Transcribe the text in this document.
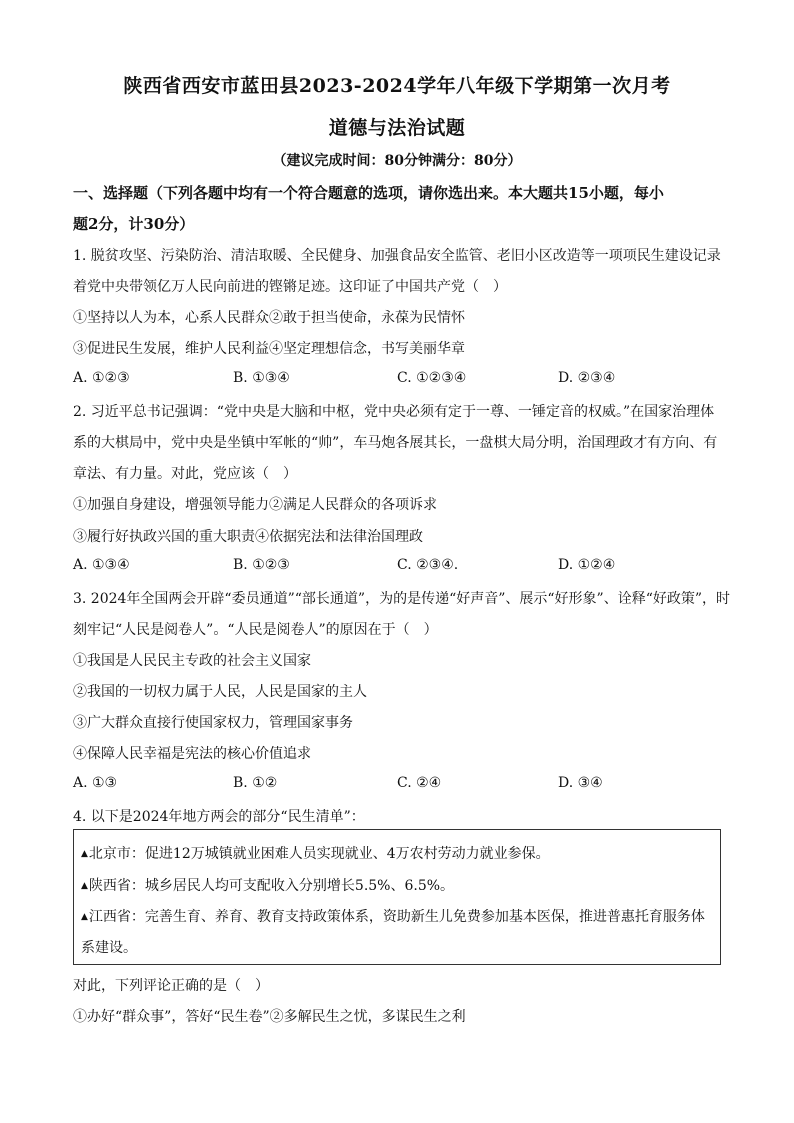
陕西省西安市蓝田县2023-2024学年八年级下学期第一次月考
道德与法治试题
（建议完成时间：80分钟满分：80分）
一、选择题（下列各题中均有一个符合题意的选项，请你选出来。本大题共15小题，每小
题2分，计30分）
1. 脱贫攻坚、污染防治、清洁取暖、全民健身、加强食品安全监管、老旧小区改造等一项项民生建设记录
着党中央带领亿万人民向前进的铿锵足迹。这印证了中国共产党（　）
①坚持以人为本，心系人民群众②敢于担当使命，永葆为民情怀
③促进民生发展，维护人民利益④坚定理想信念，书写美丽华章
A. ①②③	B. ①③④	C. ①②③④	D. ②③④
2. 习近平总书记强调：“党中央是大脑和中枢，党中央必须有定于一尊、一锤定音的权威。”在国家治理体
系的大棋局中，党中央是坐镇中军帐的“帅”，车马炮各展其长，一盘棋大局分明，治国理政才有方向、有
章法、有力量。对此，党应该（　）
①加强自身建设，增强领导能力②满足人民群众的各项诉求
③履行好执政兴国的重大职责④依据宪法和法律治国理政
A. ①③④	B. ①②③	C. ②③④.	D. ①②④
3. 2024年全国两会开辟“委员通道”“部长通道”，为的是传递“好声音”、展示“好形象”、诠释“好政策”，时
刻牢记“人民是阅卷人”。“人民是阅卷人”的原因在于（　）
①我国是人民民主专政的社会主义国家
②我国的一切权力属于人民，人民是国家的主人
③广大群众直接行使国家权力，管理国家事务
④保障人民幸福是宪法的核心价值追求
A. ①③	B. ①②	C. ②④	D. ③④
4. 以下是2024年地方两会的部分“民生清单”：
▲北京市：促进12万城镇就业困难人员实现就业、4万农村劳动力就业参保。
▲陕西省：城乡居民人均可支配收入分别增长5.5%、6.5%。
▲江西省：完善生育、养育、教育支持政策体系，资助新生儿免费参加基本医保，推进普惠托育服务体
系建设。
对此，下列评论正确的是（　）
①办好“群众事”，答好“民生卷”②多解民生之忧，多谋民生之利
